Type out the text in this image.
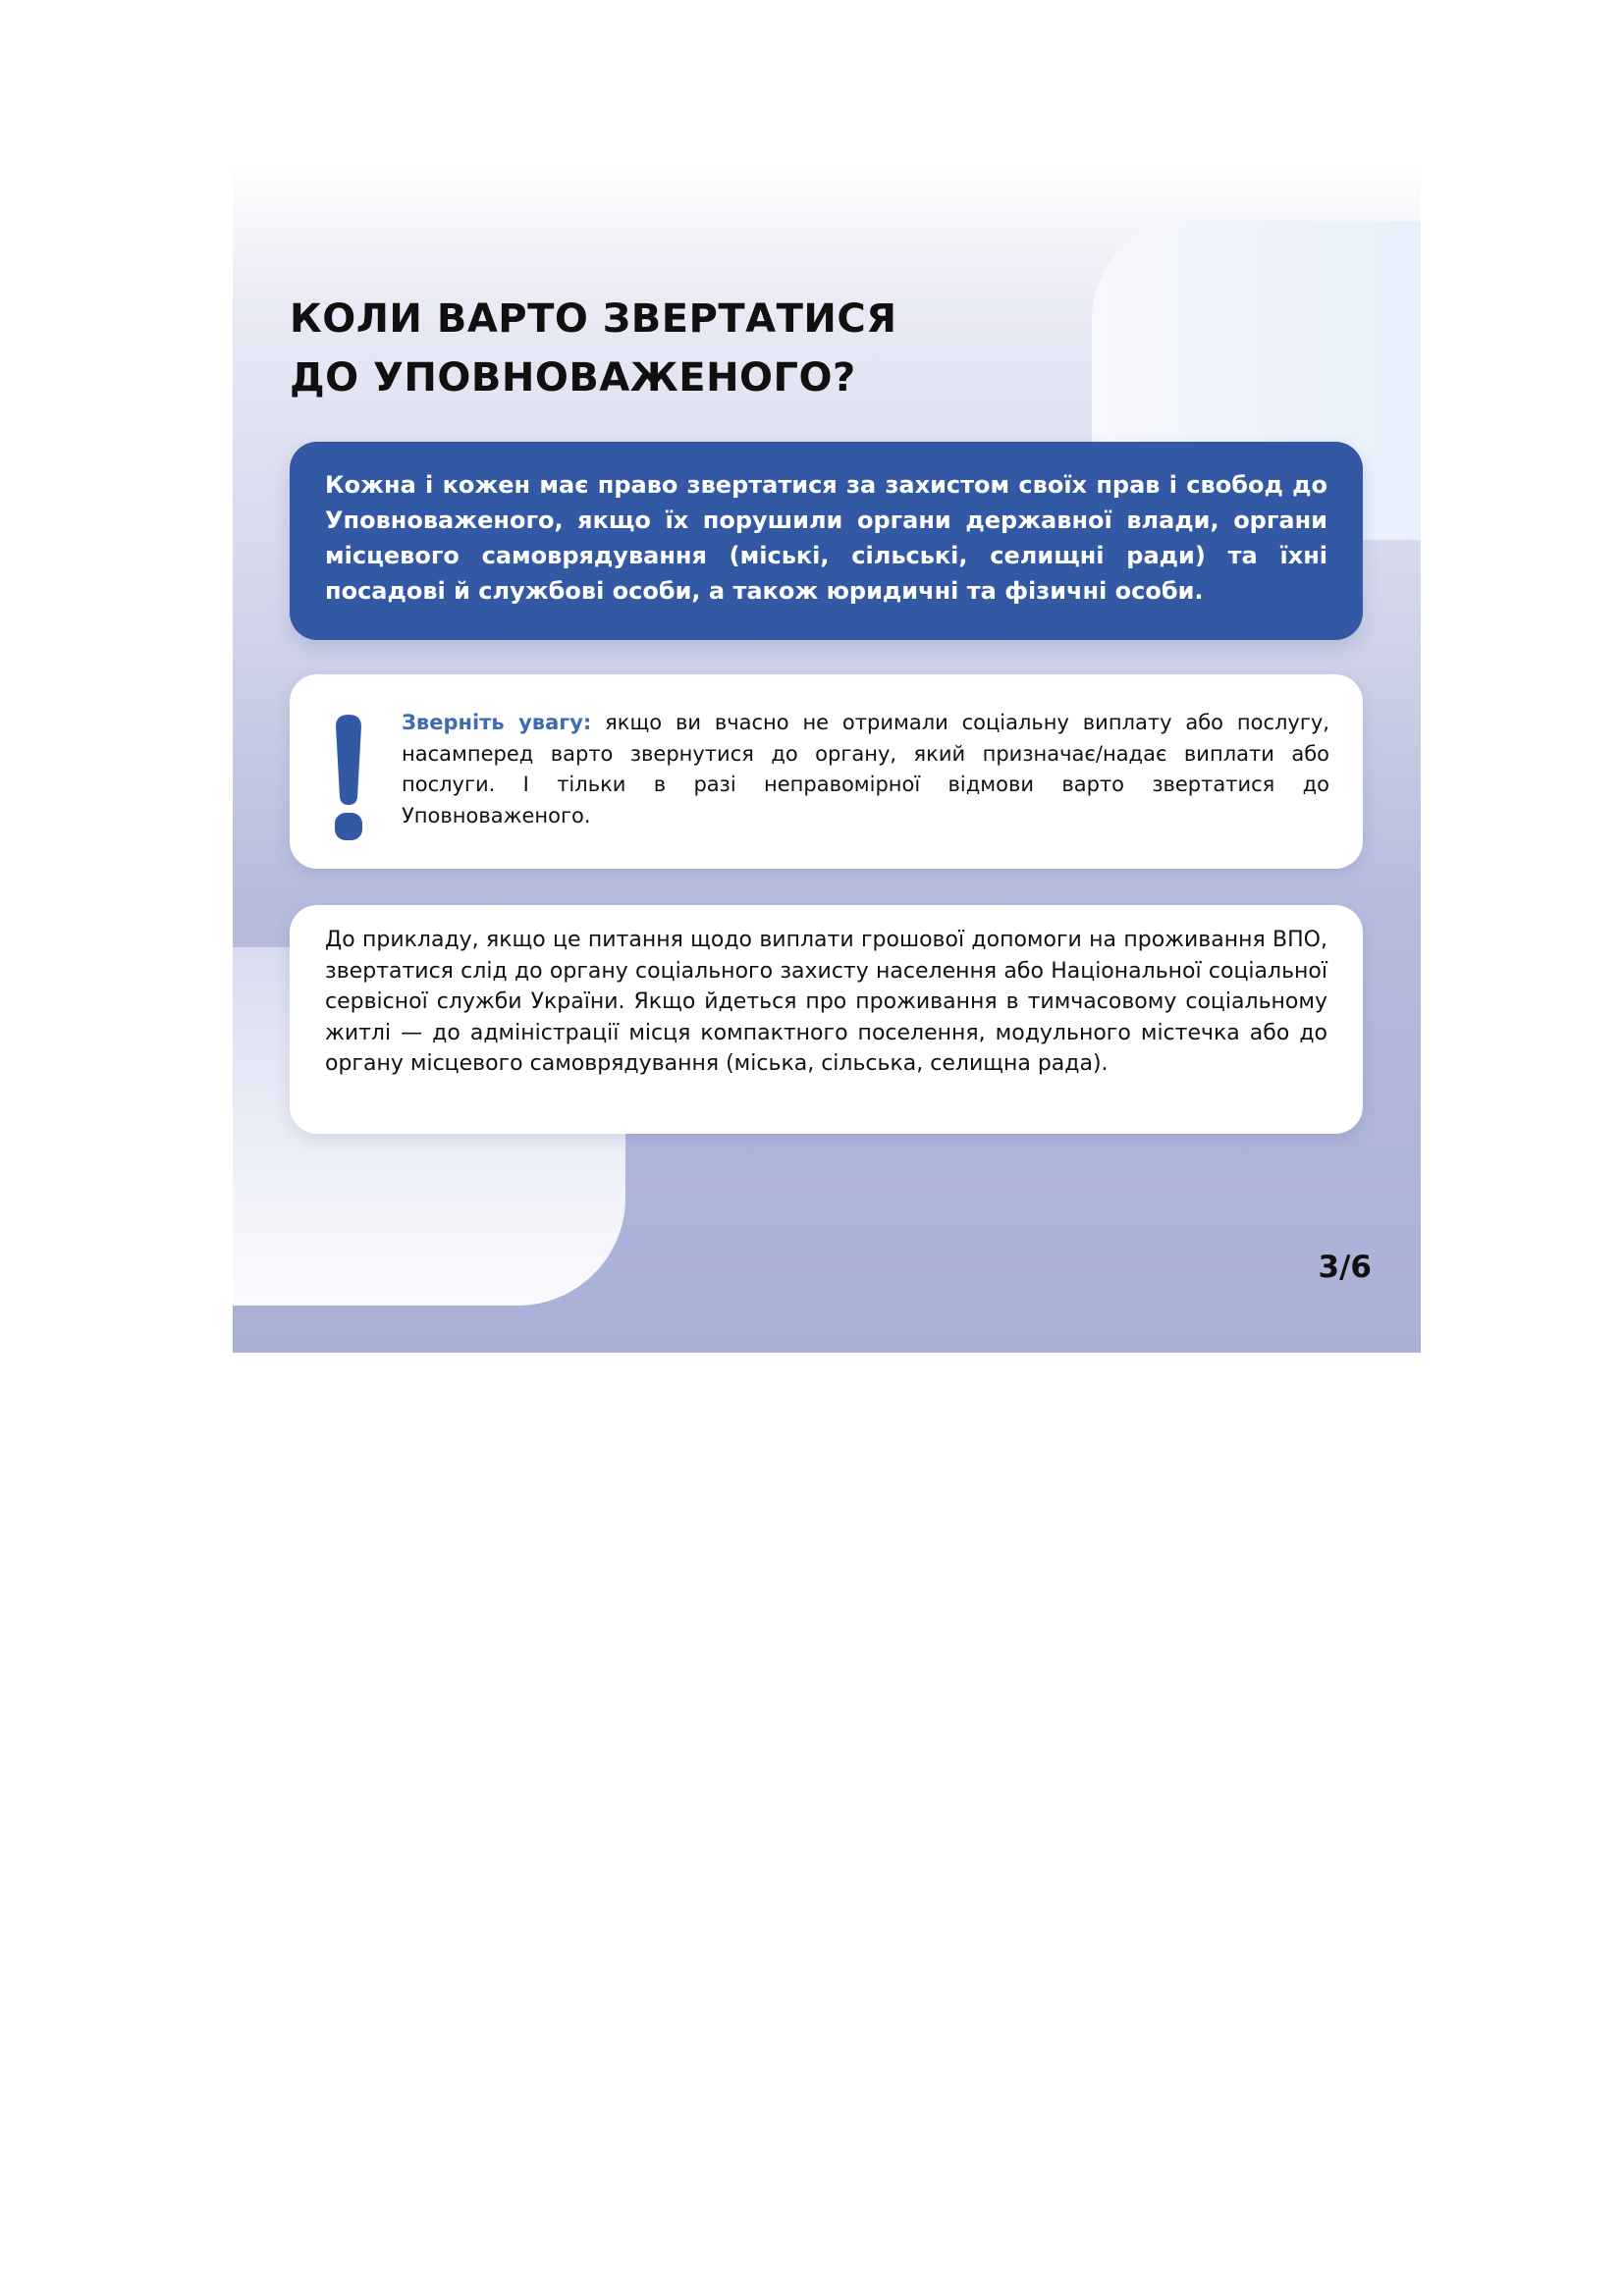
КОЛИ ВАРТО ЗВЕРТАТИСЯ
ДО УПОВНОВАЖЕНОГО?
Кожна і кожен має право звертатися за захистом своїх прав і свобод до Уповноваженого, якщо їх порушили органи державної влади, органи місцевого самоврядування (міські, сільські, селищні ради) та їхні посадові й службові особи, а також юридичні та фізичні особи.
Зверніть увагу: якщо ви вчасно не отримали соціальну виплату або послугу, насамперед варто звернутися до органу, який призначає/надає виплати або послуги. І тільки в разі неправомірної відмови варто звертатися до Уповноваженого.
До прикладу, якщо це питання щодо виплати грошової допомоги на проживання ВПО, звертатися слід до органу соціального захисту населення або Національної соціальної сервісної служби України. Якщо йдеться про проживання в тимчасовому соціальному житлі — до адміністрації місця компактного поселення, модульного містечка або до органу місцевого самоврядування (міська, сільська, селищна рада).
3/6
